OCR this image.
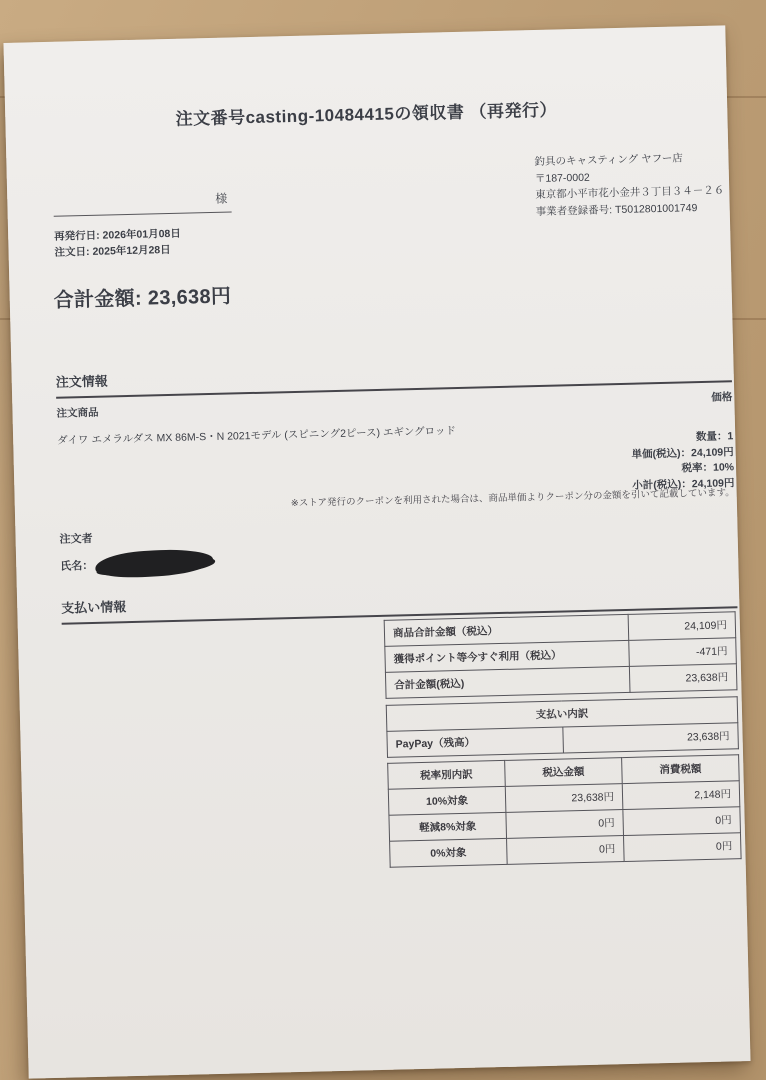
注文番号casting-10484415の領収書 （再発行）
釣具のキャスティング ヤフー店
〒187-0002
東京都小平市花小金井３丁目３４－２６
事業者登録番号: T5012801001749
様
再発行日: 2026年01月08日
注文日: 2025年12月28日
合計金額: 23,638円
注文情報
注文商品
価格
ダイワ エメラルダス MX 86M-S・N 2021モデル (スピニング2ピース) エギングロッド	数量：1
単価(税込)：24,109円
税率：10%
小計(税込)：24,109円
※ストア発行のクーポンを利用された場合は、商品単価よりクーポン分の金額を引いて記載しています。
注文者
氏名：
支払い情報
商品合計金額（税込）	24,109円
獲得ポイント等今すぐ利用（税込）	-471円
合計金額(税込)	23,638円
支払い内訳
PayPay（残高）	23,638円
税率別内訳	税込金額	消費税額
10%対象	23,638円	2,148円
軽減8%対象	0円	0円
0%対象	0円	0円
